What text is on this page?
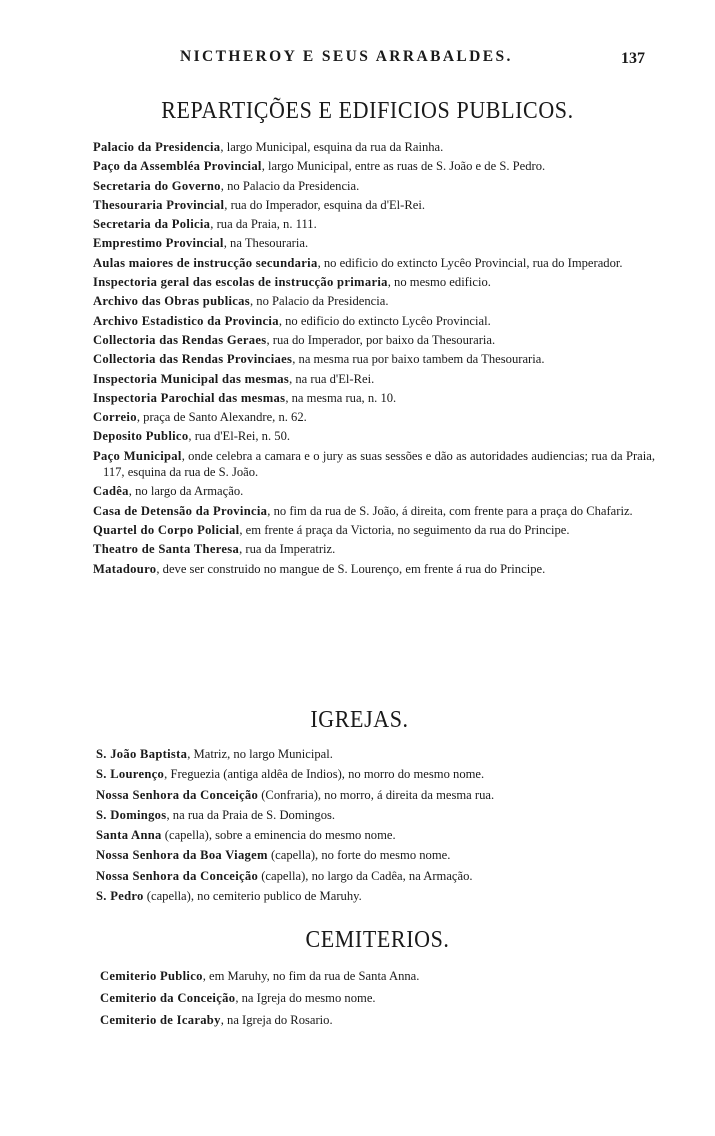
NICTHEROY E SEUS ARRABALDES.	137
REPARTIÇÕES E EDIFICIOS PUBLICOS.
Palacio da Presidencia, largo Municipal, esquina da rua da Rainha.
Paço da Assembléa Provincial, largo Municipal, entre as ruas de S. João e de S. Pedro.
Secretaria do Governo, no Palacio da Presidencia.
Thesouraria Provincial, rua do Imperador, esquina da d'El-Rei.
Secretaria da Policia, rua da Praia, n. 111.
Emprestimo Provincial, na Thesouraria.
Aulas maiores de instrucção secundaria, no edificio do extincto Lycêo Provincial, rua do Imperador.
Inspectoria geral das escolas de instrucção primaria, no mesmo edificio.
Archivo das Obras publicas, no Palacio da Presidencia.
Archivo Estadistico da Provincia, no edificio do extincto Lycêo Provincial.
Collectoria das Rendas Geraes, rua do Imperador, por baixo da Thesouraria.
Collectoria das Rendas Provinciaes, na mesma rua por baixo tambem da Thesouraria.
Inspectoria Municipal das mesmas, na rua d'El-Rei.
Inspectoria Parochial das mesmas, na mesma rua, n. 10.
Correio, praça de Santo Alexandre, n. 62.
Deposito Publico, rua d'El-Rei, n. 50.
Paço Municipal, onde celebra a camara e o jury as suas sessões e dão as autoridades audiencias; rua da Praia, 117, esquina da rua de S. João.
Cadêa, no largo da Armação.
Casa de Detensão da Provincia, no fim da rua de S. João, á direita, com frente para a praça do Chafariz.
Quartel do Corpo Policial, em frente á praça da Victoria, no seguimento da rua do Principe.
Theatro de Santa Theresa, rua da Imperatriz.
Matadouro, deve ser construido no mangue de S. Lourenço, em frente á rua do Principe.
IGREJAS.
S. João Baptista, Matriz, no largo Municipal.
S. Lourenço, Freguezia (antiga aldêa de Indios), no morro do mesmo nome.
Nossa Senhora da Conceição (Confraria), no morro, á direita da mesma rua.
S. Domingos, na rua da Praia de S. Domingos.
Santa Anna (capella), sobre a eminencia do mesmo nome.
Nossa Senhora da Boa Viagem (capella), no forte do mesmo nome.
Nossa Senhora da Conceição (capella), no largo da Cadêa, na Armação.
S. Pedro (capella), no cemiterio publico de Maruhy.
CEMITERIOS.
Cemiterio Publico, em Maruhy, no fim da rua de Santa Anna.
Cemiterio da Conceição, na Igreja do mesmo nome.
Cemiterio de Icaraby, na Igreja do Rosario.
